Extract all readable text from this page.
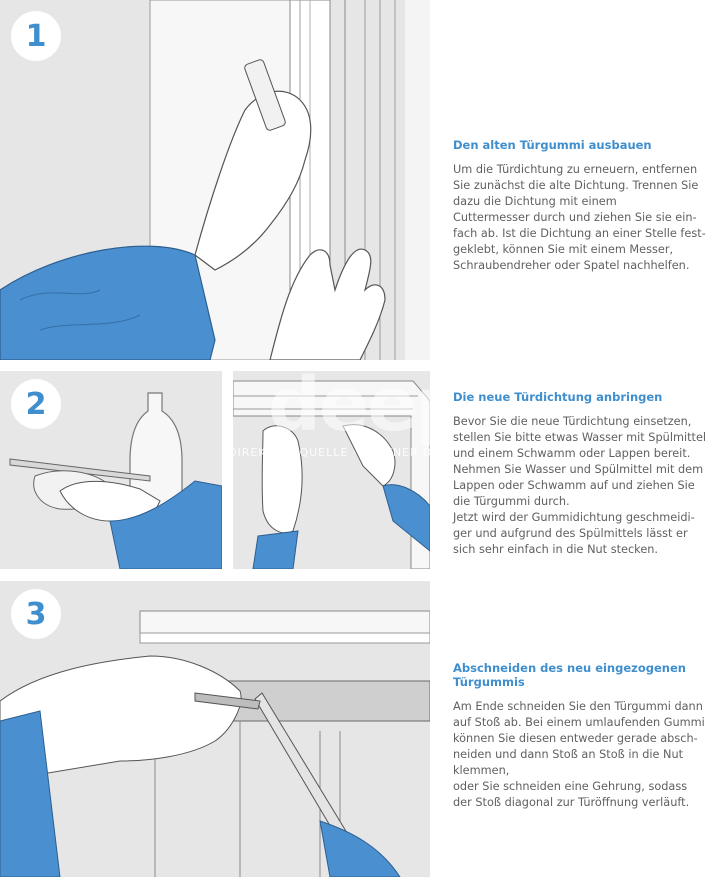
1
Den alten Türgummi ausbauen
Um die Türdichtung zu erneuern, entfernen
Sie zunächst die alte Dichtung. Trennen Sie
dazu die Dichtung mit einem
Cuttermesser durch und ziehen Sie sie ein-
fach ab. Ist die Dichtung an einer Stelle fest-
geklebt, können Sie mit einem Messer,
Schraubendreher oder Spatel nachhelfen.
2	deep
DIREKT AB QUELLE · PARTNER DIREKT
Die neue Türdichtung anbringen
Bevor Sie die neue Türdichtung einsetzen,
stellen Sie bitte etwas Wasser mit Spülmittel
und einem Schwamm oder Lappen bereit.
Nehmen Sie Wasser und Spülmittel mit dem
Lappen oder Schwamm auf und ziehen Sie
die Türgummi durch.
Jetzt wird der Gummidichtung geschmeidi-
ger und aufgrund des Spülmittels lässt er
sich sehr einfach in die Nut stecken.
3
Abschneiden des neu eingezogenen
Türgummis
Am Ende schneiden Sie den Türgummi dann
auf Stoß ab. Bei einem umlaufenden Gummi
können Sie diesen entweder gerade absch-
neiden und dann Stoß an Stoß in die Nut
klemmen,
oder Sie schneiden eine Gehrung, sodass
der Stoß diagonal zur Türöffnung verläuft.
